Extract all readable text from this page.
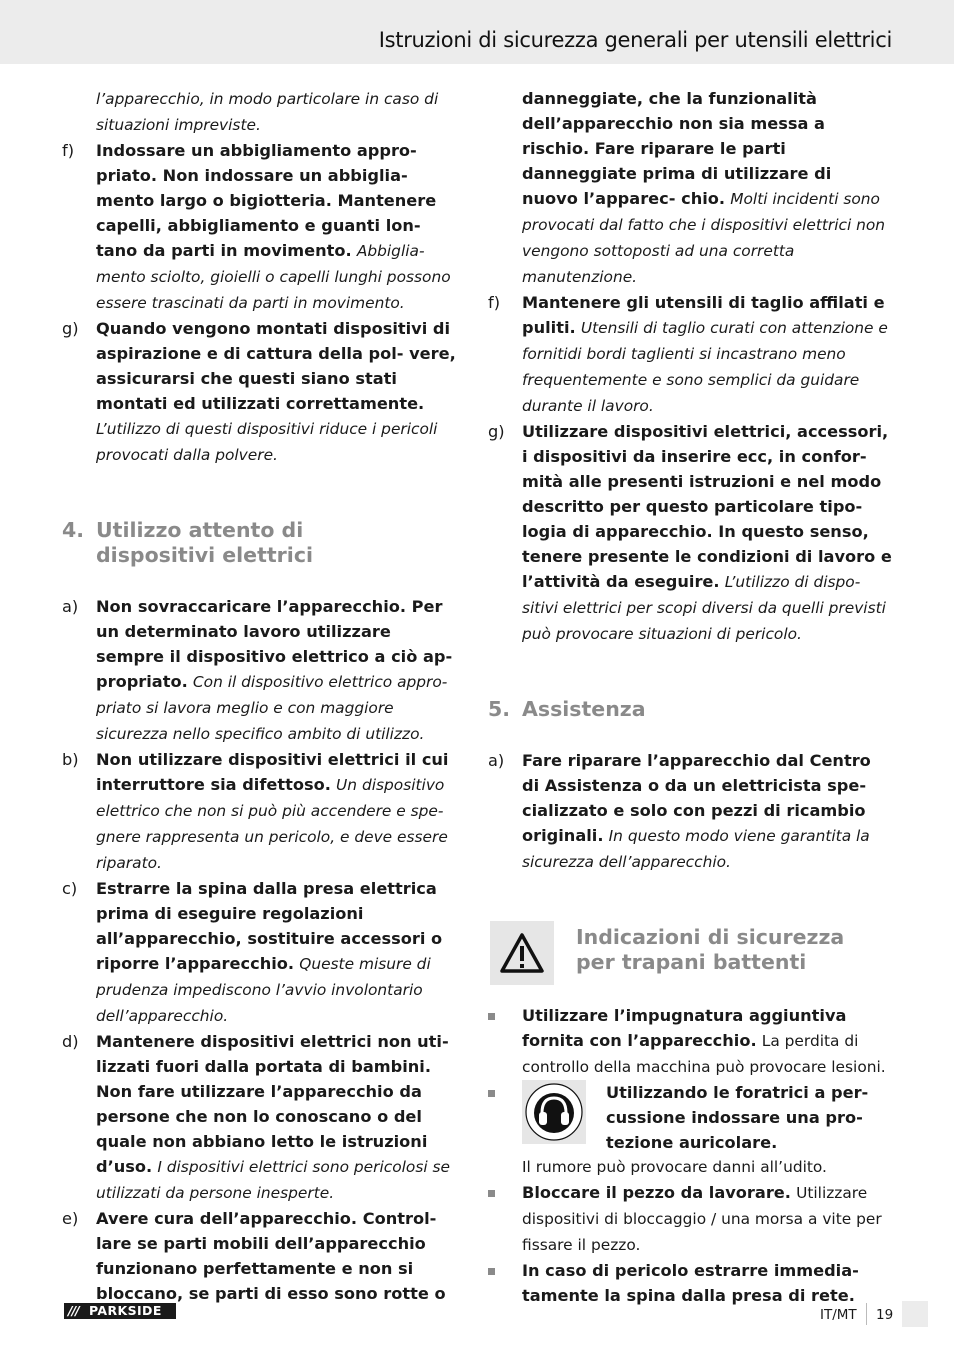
Istruzioni di sicurezza generali per utensili elettrici
l’apparecchio, in modo particolare in caso di situazioni impreviste.
f) Indossare un abbigliamento appro- priato. Non indossare un abbiglia- mento largo o bigiotteria. Mantenere capelli, abbigliamento e guanti lon- tano da parti in movimento. Abbiglia- mento sciolto, gioielli o capelli lunghi possono essere trascinati da parti in movimento.
g) Quando vengono montati dispositivi di aspirazione e di cattura della pol- vere, assicurarsi che questi siano stati montati ed utilizzati correttamente. L’utilizzo di questi dispositivi riduce i pericoli provocati dalla polvere.
4. Utilizzo attento di dispositivi elettrici
a) Non sovraccaricare l’apparecchio. Per un determinato lavoro utilizzare sempre il dispositivo elettrico a ciò ap- propriato. Con il dispositivo elettrico appro- priato si lavora meglio e con maggiore sicurezza nello specifico ambito di utilizzo.
b) Non utilizzare dispositivi elettrici il cui interruttore sia difettoso. Un dispositivo elettrico che non si può più accendere e spe- gnere rappresenta un pericolo, e deve essere riparato.
c) Estrarre la spina dalla presa elettrica prima di eseguire regolazioni all’apparecchio, sostituire accessori o riporre l’apparecchio. Queste misure di prudenza impediscono l’avvio involontario dell’apparecchio.
d) Mantenere dispositivi elettrici non uti- lizzati fuori dalla portata di bambini. Non fare utilizzare l’apparecchio da persone che non lo conoscano o del quale non abbiano letto le istruzioni d’uso. I dispositivi elettrici sono pericolosi se utilizzati da persone inesperte.
e) Avere cura dell’apparecchio. Control- lare se parti mobili dell’apparecchio funzionano perfettamente e non si bloccano, se parti di esso sono rotte o
danneggiate, che la funzionalità dell’apparecchio non sia messa a rischio. Fare riparare le parti danneggiate prima di utilizzare di nuovo l’apparec- chio. Molti incidenti sono provocati dal fatto che i dispositivi elettrici non vengono sottoposti ad una corretta manutenzione.
f) Mantenere gli utensili di taglio affilati e puliti. Utensili di taglio curati con attenzione e fornitidi bordi taglienti si incastrano meno frequentemente e sono semplici da guidare durante il lavoro.
g) Utilizzare dispositivi elettrici, accessori, i dispositivi da inserire ecc, in confor- mità alle presenti istruzioni e nel modo descritto per questo particolare tipo- logia di apparecchio. In questo senso, tenere presente le condizioni di lavoro e l’attività da eseguire. L’utilizzo di dispo- sitivi elettrici per scopi diversi da quelli previsti può provocare situazioni di pericolo.
5. Assistenza
a) Fare riparare l’apparecchio dal Centro di Assistenza o da un elettricista spe- cializzato e solo con pezzi di ricambio originali. In questo modo viene garantita la sicurezza dell’apparecchio.
Indicazioni di sicurezza per trapani battenti
Utilizzare l’impugnatura aggiuntiva fornita con l’apparecchio. La perdita di controllo della macchina può provocare lesioni.
Utilizzando le foratrici a per- cussione indossare una pro- tezione auricolare.
Il rumore può provocare danni all’udito.
Bloccare il pezzo da lavorare. Utilizzare dispositivi di bloccaggio / una morsa a vite per fissare il pezzo.
In caso di pericolo estrarre immedia- tamente la spina dalla presa di rete.
/// PARKSIDE	IT/MT 19
